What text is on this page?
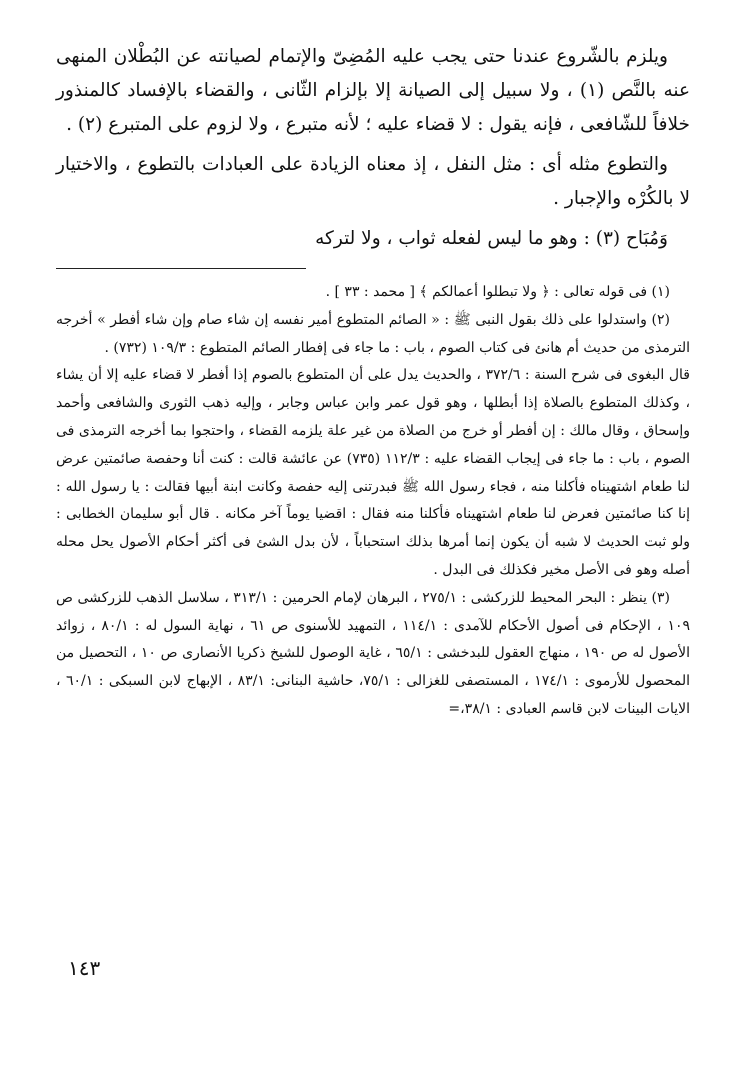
ويلزم بالشّروع عندنا حتى يجب عليه المُضِىّ والإتمام لصيانته عن البُطْلان المنهى عنه بالنَّص (١) ، ولا سبيل إلى الصيانة إلا بإلزام الثّانى ، والقضاء بالإفساد كالمنذور خلافاً للشّافعى ، فإنه يقول : لا قضاء عليه ؛ لأنه متبرع ، ولا لزوم على المتبرع (٢) .

والتطوع مثله أى : مثل النفل ، إذ معناه الزيادة على العبادات بالتطوع ، والاختيار لا بالكُرْه والإجبار .

وَمُبَاح (٣) : وهو ما ليس لفعله ثواب ، ولا لتركه

(١) فى قوله تعالى : ﴿ ولا تبطلوا أعمالكم ﴾ [ محمد : ٣٣ ] .

(٢) واستدلوا على ذلك بقول النبى ﷺ : « الصائم المتطوع أمير نفسه إن شاء صام وإن شاء أفطر » أخرجه الترمذى من حديث أم هانئ فى كتاب الصوم ، باب : ما جاء فى إفطار الصائم المتطوع : ١٠٩/٣ (٧٣٢) .

قال البغوى فى شرح السنة : ٣٧٢/٦ ، والحديث يدل على أن المتطوع بالصوم إذا أفطر لا قضاء عليه إلا أن يشاء ، وكذلك المتطوع بالصلاة إذا أبطلها ، وهو قول عمر وابن عباس وجابر ، وإليه ذهب الثورى والشافعى وأحمد وإسحاق ، وقال مالك : إن أفطر أو خرج من الصلاة من غير علة يلزمه القضاء ، واحتجوا بما أخرجه الترمذى فى الصوم ، باب : ما جاء فى إيجاب القضاء عليه : ١١٢/٣ (٧٣٥) عن عائشة قالت : كنت أنا وحفصة صائمتين عرض لنا طعام اشتهيناه فأكلنا منه ، فجاء رسول الله ﷺ فبدرتنى إليه حفصة وكانت ابنة أبيها فقالت : يا رسول الله : إنا كنا صائمتين فعرض لنا طعام اشتهيناه فأكلنا منه فقال : اقضيا يوماً آخر مكانه . قال أبو سليمان الخطابى : ولو ثبت الحديث لا شبه أن يكون إنما أمرها بذلك استحباباً ، لأن بدل الشئ فى أكثر أحكام الأصول يحل محله أصله وهو فى الأصل مخير فكذلك فى البدل .

(٣) ينظر : البحر المحيط للزركشى : ٢٧٥/١ ، البرهان لإمام الحرمين : ٣١٣/١ ، سلاسل الذهب للزركشى ص ١٠٩ ، الإحكام فى أصول الأحكام للآمدى : ١١٤/١ ، التمهيد للأسنوى ص ٦١ ، نهاية السول له : ٨٠/١ ، زوائد الأصول له ص ١٩٠ ، منهاج العقول للبدخشى : ٦٥/١ ، غاية الوصول للشيخ ذكريا الأنصارى ص ١٠ ، التحصيل من المحصول للأرموى : ١٧٤/١ ، المستصفى للغزالى : ٧٥/١، حاشية البنانى: ٨٣/١ ، الإبهاج لابن السبكى : ٦٠/١ ، الايات البينات لابن قاسم العبادى : ٣٨/١،=

١٤٣
